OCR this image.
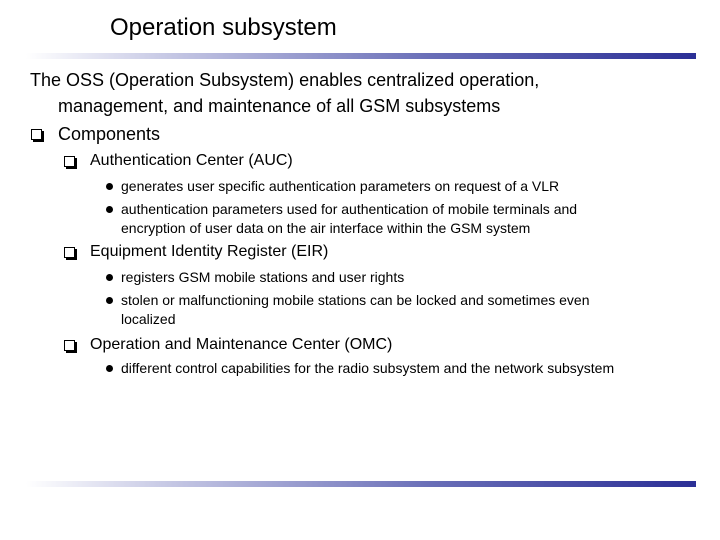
Operation subsystem
The OSS (Operation Subsystem) enables centralized operation,
management, and maintenance of all GSM subsystems
Components
Authentication Center (AUC)
generates user specific authentication parameters on request of a VLR
authentication parameters used for authentication of mobile terminals and
encryption of user data on the air interface within the GSM system
Equipment Identity Register (EIR)
registers GSM mobile stations and user rights
stolen or malfunctioning mobile stations can be locked and sometimes even
localized
Operation and Maintenance Center (OMC)
different control capabilities for the radio subsystem and the network subsystem
